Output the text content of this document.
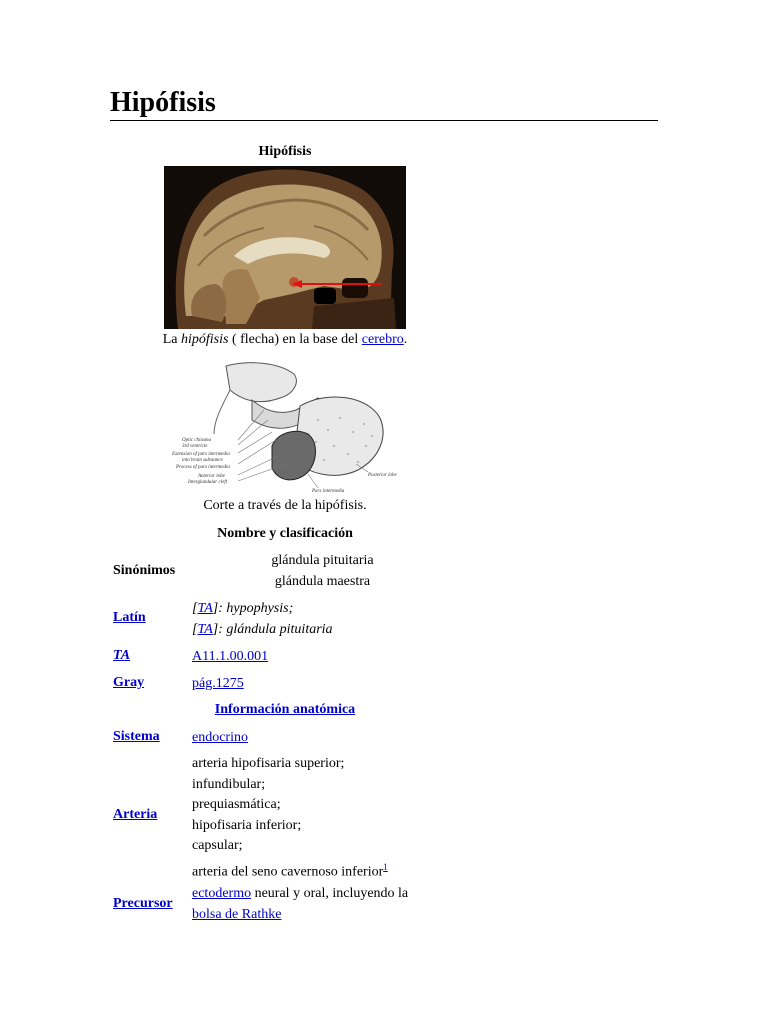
Hipófisis
Hipófisis
La hipófisis ( flecha) en la base del cerebro.
Optic chiasma
3rd ventricle
Extension of pars intermedia
into brain substance
Process of pars intermedia
Anterior lobe
Interglandular cleft
Posterior lobe
Pars intermedia
Corte a través de la hipófisis.
Nombre y clasificación
Sinónimos
glándula pituitaria
glándula maestra
Latín
[TA]: hypophysis;
[TA]: glándula pituitaria
TA	A11.1.00.001
Gray	pág.1275
Información anatómica
Sistema endocrino
Arteria
arteria hipofisaria superior;
infundibular;
prequiasmática;
hipofisaria inferior;
capsular;
arteria del seno cavernoso inferior$^1$
Precursor
ectodermo neural y oral, incluyendo la
bolsa de Rathke
